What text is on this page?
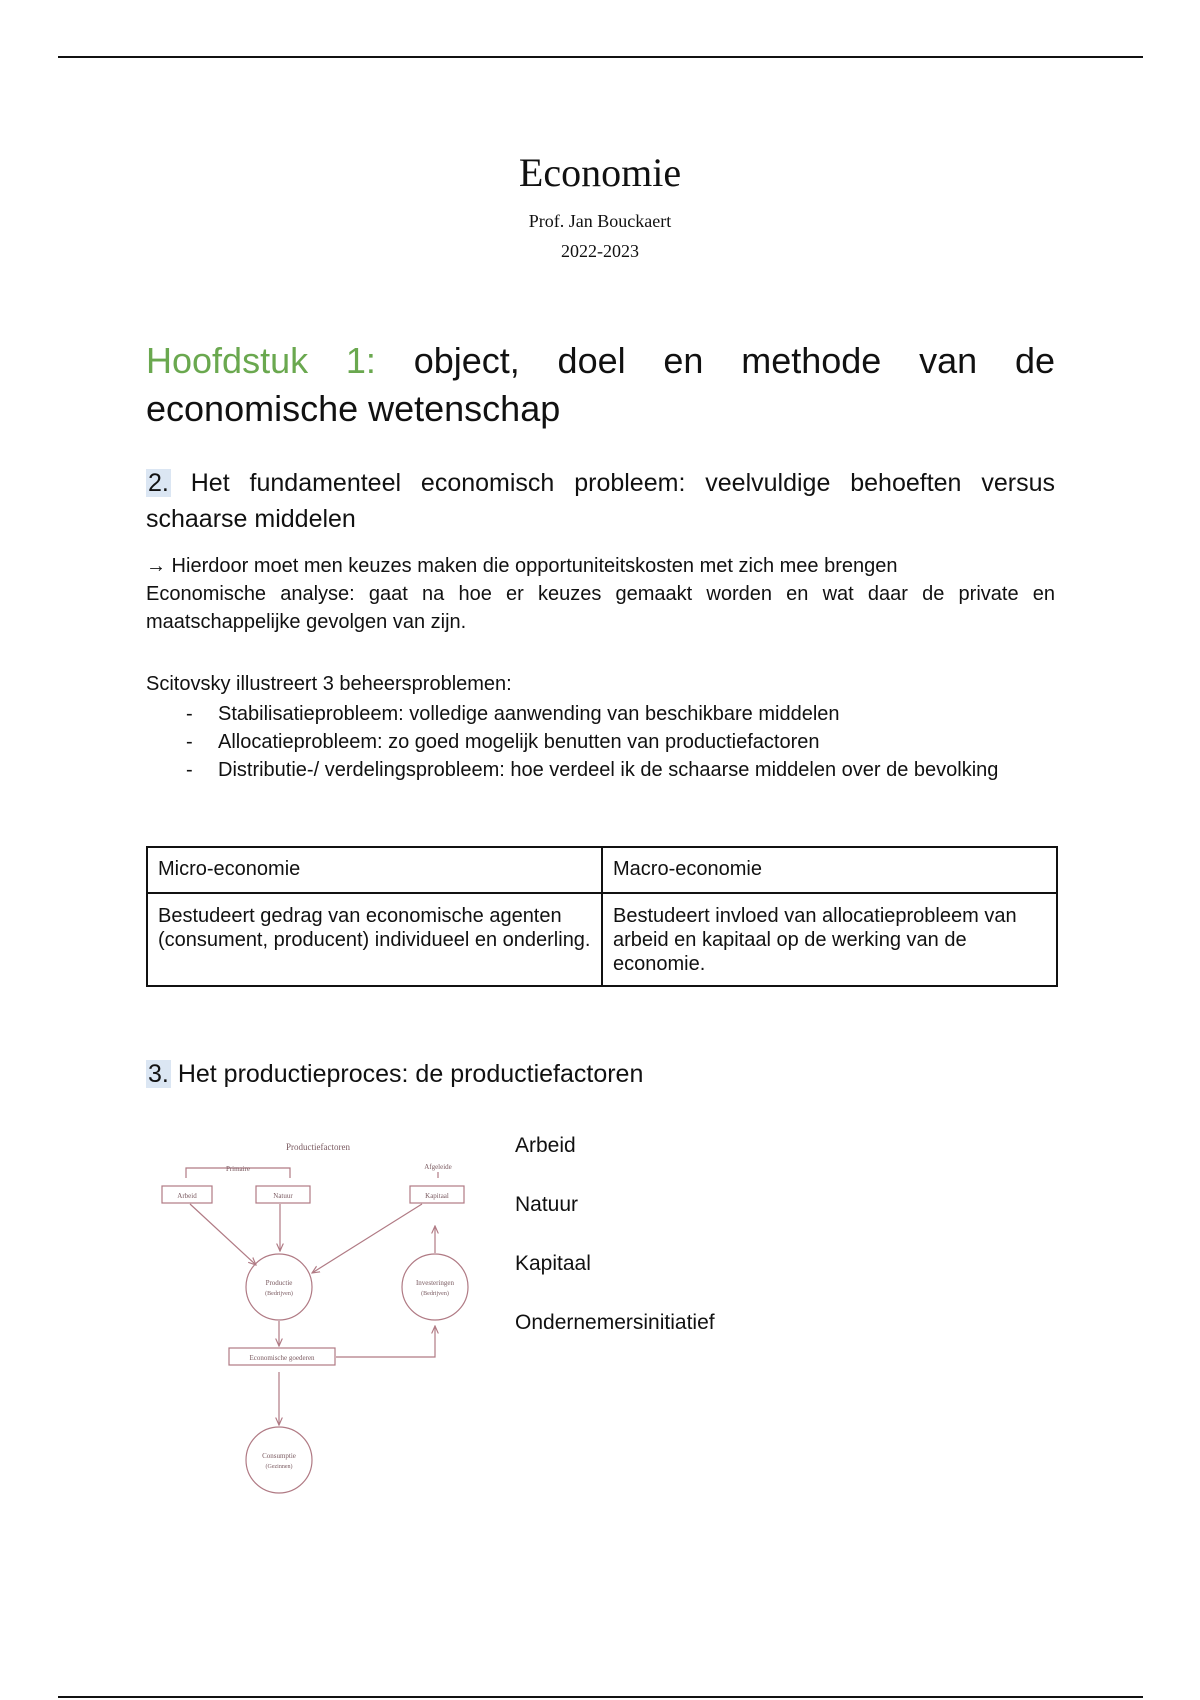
Economie
Prof. Jan Bouckaert
2022-2023
Hoofdstuk 1: object, doel en methode van de economische wetenschap
2. Het fundamenteel economisch probleem: veelvuldige behoeften versus schaarse middelen

→ Hierdoor moet men keuzes maken die opportuniteitskosten met zich mee brengen

Economische analyse: gaat na hoe er keuzes gemaakt worden en wat daar de private en maatschappelijke gevolgen van zijn.

Scitovsky illustreert 3 beheersproblemen:

- Stabilisatieprobleem: volledige aanwending van beschikbare middelen
- Allocatieprobleem: zo goed mogelijk benutten van productiefactoren
- Distributie-/ verdelingsprobleem: hoe verdeel ik de schaarse middelen over de bevolking
Micro-economie	Macro-economie
Bestudeert gedrag van economische agenten (consument, producent) individueel en onderling.	Bestudeert invloed van allocatieprobleem van arbeid en kapitaal op de werking van de economie.
3. Het productieproces: de productiefactoren
Productiefactoren
Primaire	Afgeleide
Arbeid	Natuur	Kapitaal
Economische goederen
Productie
(Bedrijven)
Investeringen
(Bedrijven)
Consumptie
(Gezinnen)
Arbeid
Natuur
Kapitaal
Ondernemersinitiatief
